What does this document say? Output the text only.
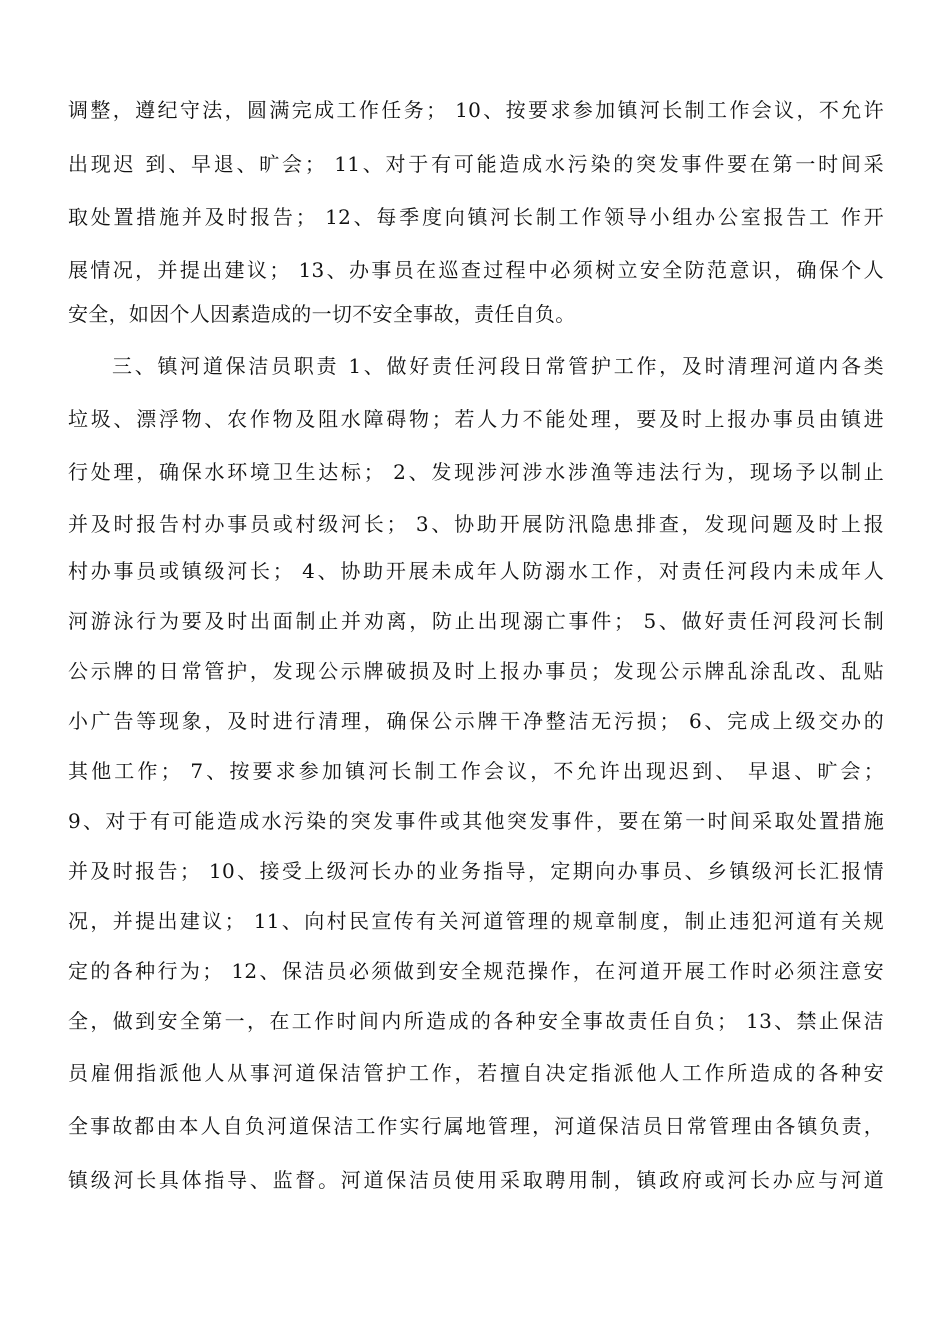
调整，遵纪守法，圆满完成工作任务； 10、按要求参加镇河长制工作会议，不允许
出现迟 到、早退、旷会； 11、对于有可能造成水污染的突发事件要在第一时间采
取处置措施并及时报告； 12、每季度向镇河长制工作领导小组办公室报告工 作开
展情况，并提出建议； 13、办事员在巡查过程中必须树立安全防范意识，确保个人
安全，如因个人因素造成的一切不安全事故，责任自负。
三、镇河道保洁员职责 1、做好责任河段日常管护工作，及时清理河道内各类
垃圾、漂浮物、农作物及阻水障碍物；若人力不能处理，要及时上报办事员由镇进
行处理，确保水环境卫生达标； 2、发现涉河涉水涉渔等违法行为，现场予以制止
并及时报告村办事员或村级河长； 3、协助开展防汛隐患排查，发现问题及时上报
村办事员或镇级河长； 4、协助开展未成年人防溺水工作，对责任河段内未成年人
河游泳行为要及时出面制止并劝离，防止出现溺亡事件； 5、做好责任河段河长制
公示牌的日常管护，发现公示牌破损及时上报办事员；发现公示牌乱涂乱改、乱贴
小广告等现象，及时进行清理，确保公示牌干净整洁无污损； 6、完成上级交办的
其他工作； 7、按要求参加镇河长制工作会议，不允许出现迟到、 早退、旷会；
9、对于有可能造成水污染的突发事件或其他突发事件，要在第一时间采取处置措施
并及时报告； 10、接受上级河长办的业务指导，定期向办事员、乡镇级河长汇报情
况，并提出建议； 11、向村民宣传有关河道管理的规章制度，制止违犯河道有关规
定的各种行为； 12、保洁员必须做到安全规范操作，在河道开展工作时必须注意安
全，做到安全第一，在工作时间内所造成的各种安全事故责任自负； 13、禁止保洁
员雇佣指派他人从事河道保洁管护工作，若擅自决定指派他人工作所造成的各种安
全事故都由本人自负河道保洁工作实行属地管理，河道保洁员日常管理由各镇负责，
镇级河长具体指导、监督。河道保洁员使用采取聘用制，镇政府或河长办应与河道
